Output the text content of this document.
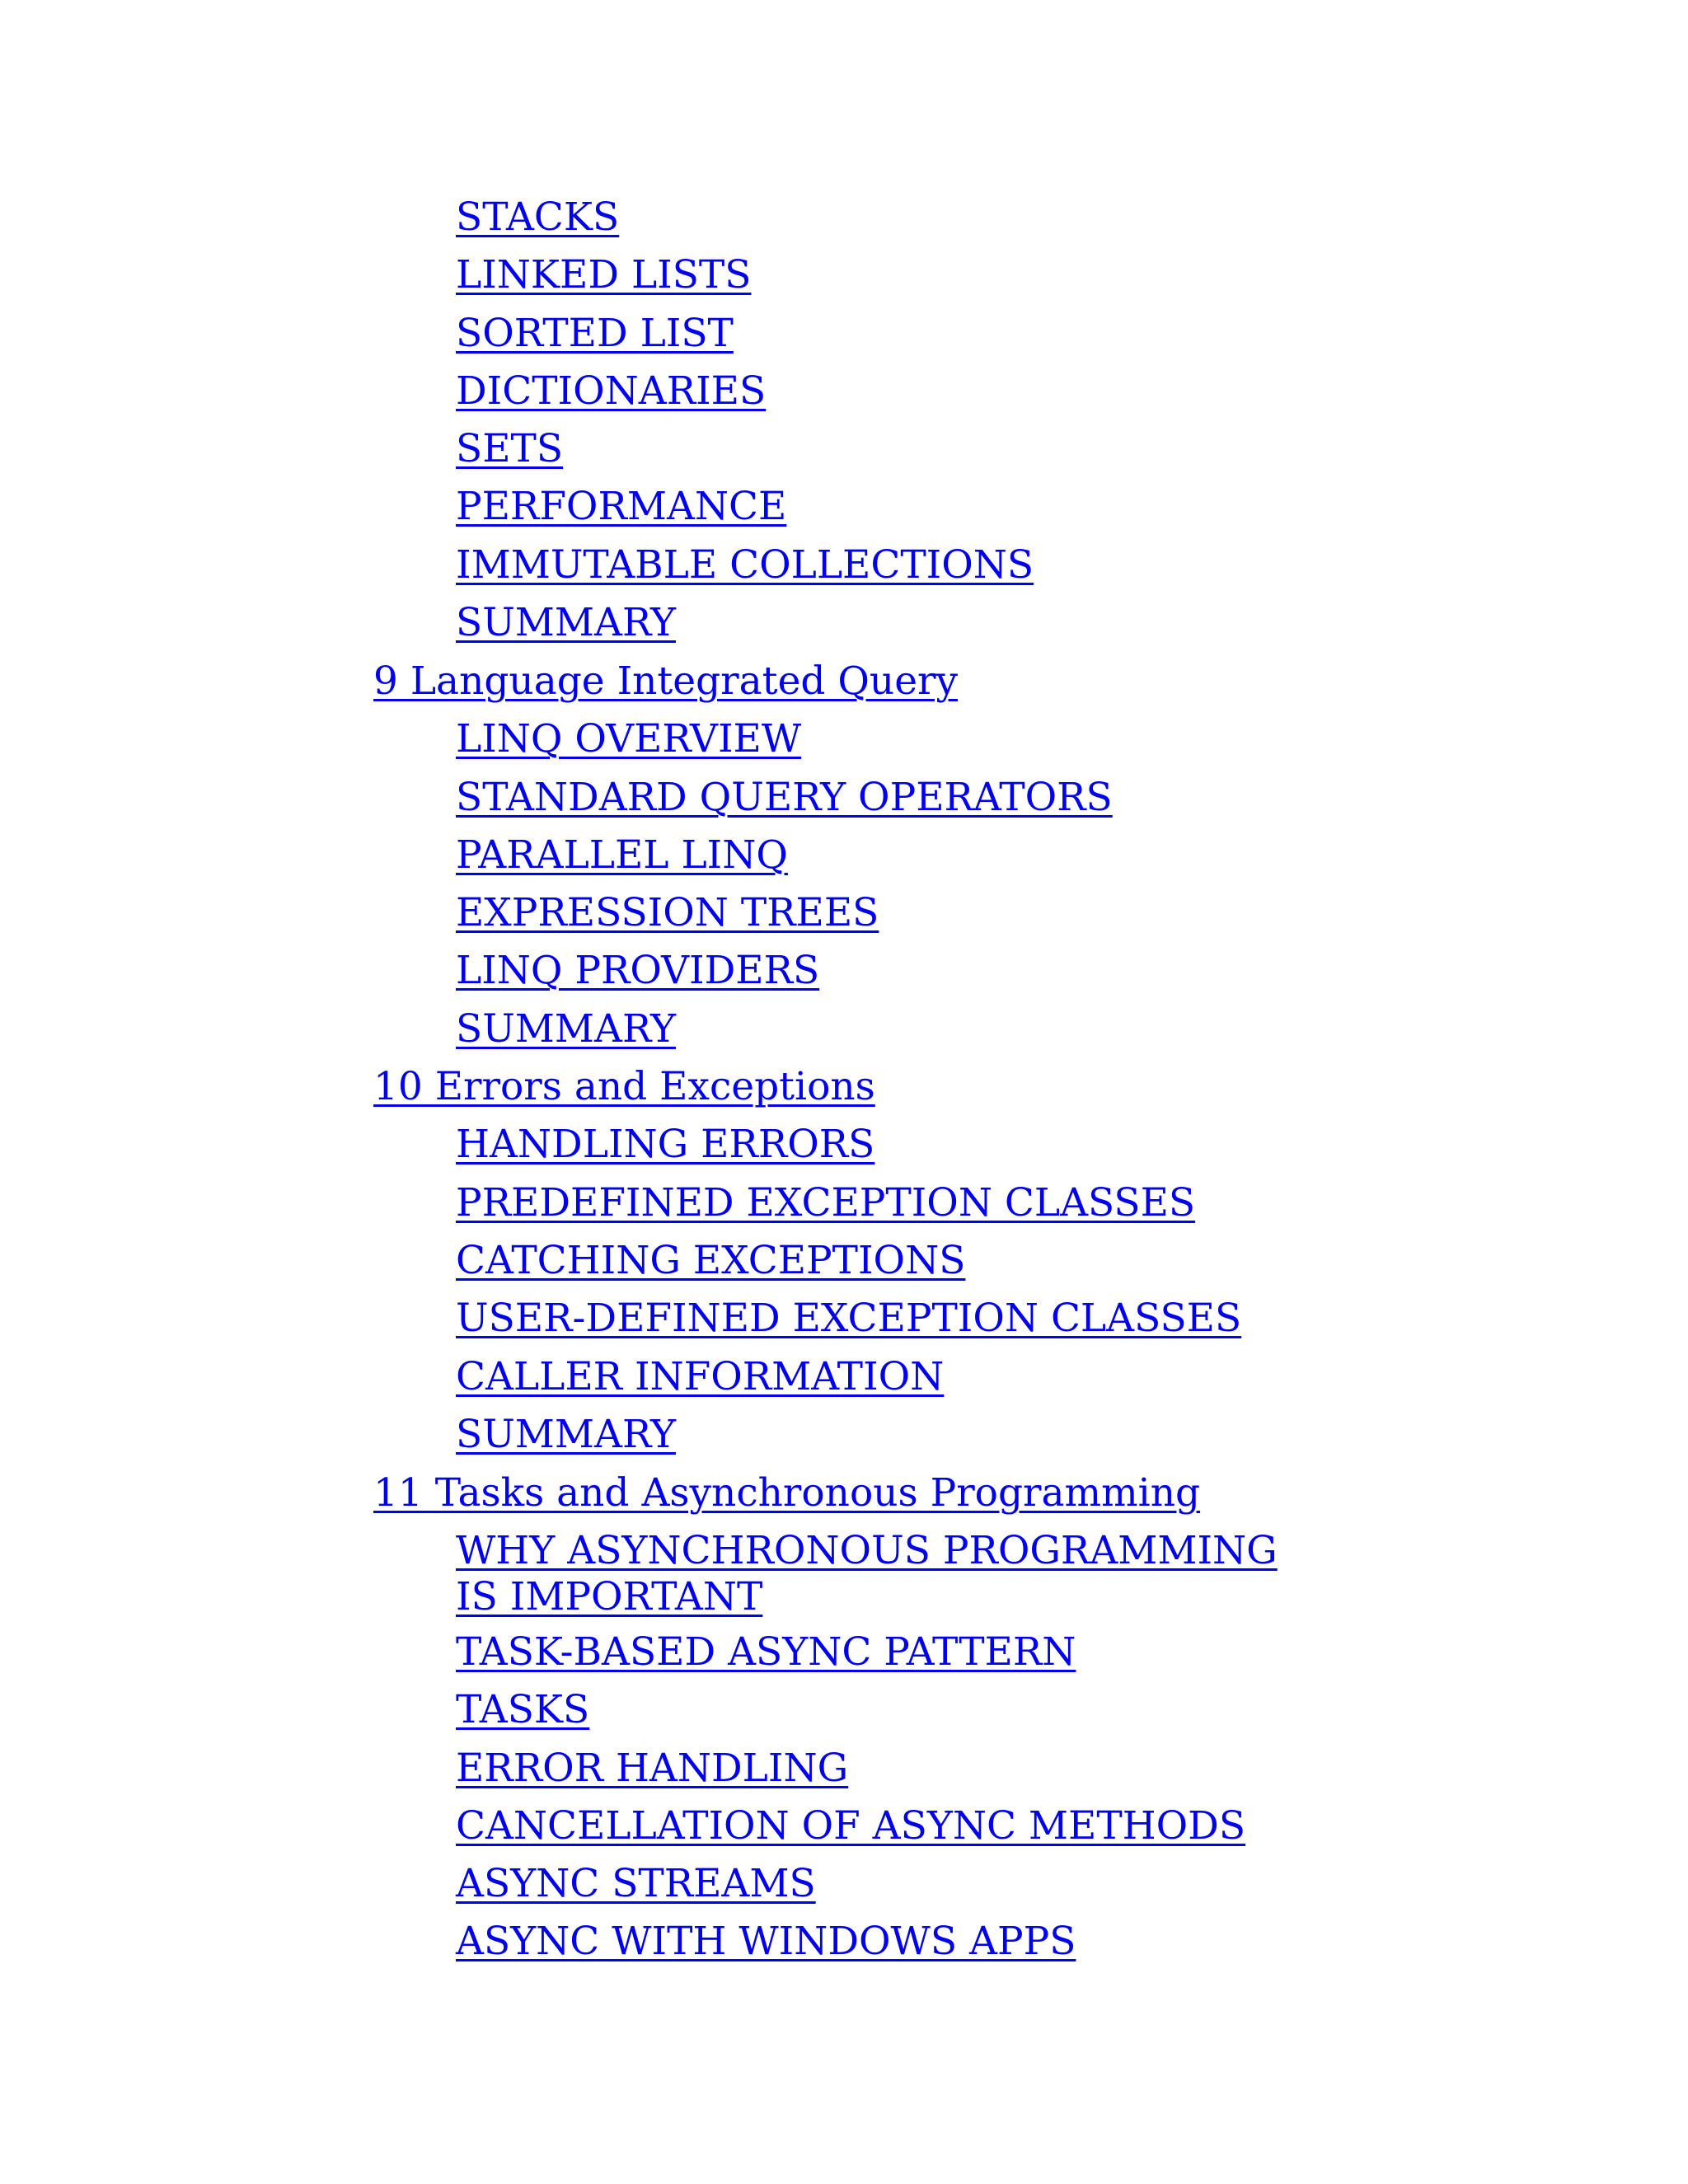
STACKS
LINKED LISTS
SORTED LIST
DICTIONARIES
SETS
PERFORMANCE
IMMUTABLE COLLECTIONS
SUMMARY
9 Language Integrated Query
LINQ OVERVIEW
STANDARD QUERY OPERATORS
PARALLEL LINQ
EXPRESSION TREES
LINQ PROVIDERS
SUMMARY
10 Errors and Exceptions
HANDLING ERRORS
PREDEFINED EXCEPTION CLASSES
CATCHING EXCEPTIONS
USER-DEFINED EXCEPTION CLASSES
CALLER INFORMATION
SUMMARY
11 Tasks and Asynchronous Programming
WHY ASYNCHRONOUS PROGRAMMING IS IMPORTANT
TASK-BASED ASYNC PATTERN
TASKS
ERROR HANDLING
CANCELLATION OF ASYNC METHODS
ASYNC STREAMS
ASYNC WITH WINDOWS APPS
